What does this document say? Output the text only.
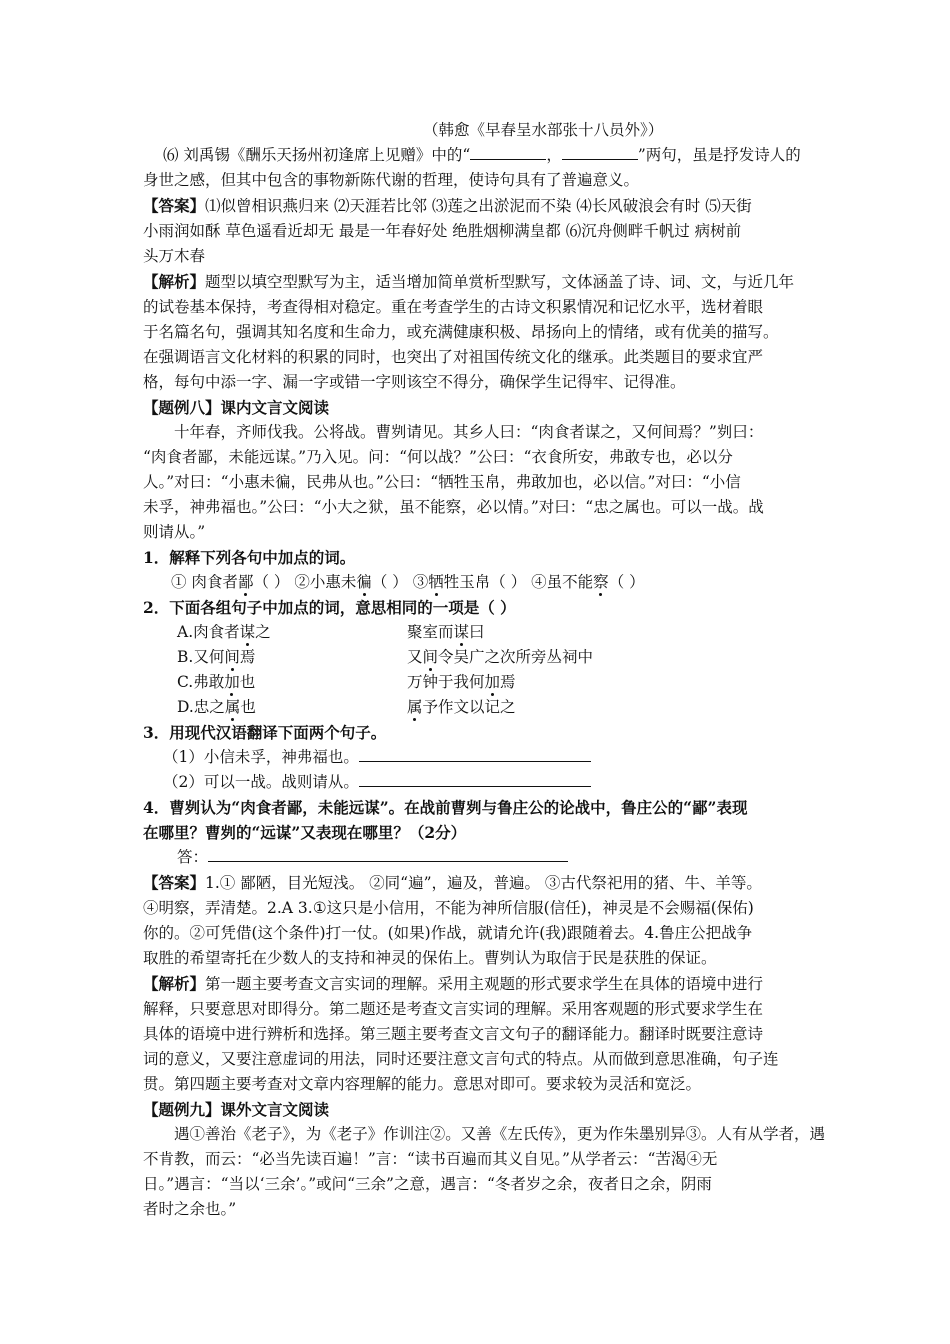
（韩愈《早春呈水部张十八员外》）
⑹ 刘禹锡《酬乐天扬州初逢席上见赠》中的“	，	”两句，虽是抒发诗人的
身世之感，但其中包含的事物新陈代谢的哲理，使诗句具有了普遍意义。
【答案】⑴似曾相识燕归来 ⑵天涯若比邻 ⑶莲之出淤泥而不染 ⑷长风破浪会有时 ⑸天街
小雨润如酥 草色遥看近却无 最是一年春好处 绝胜烟柳满皇都 ⑹沉舟侧畔千帆过 病树前
头万木春
【解析】题型以填空型默写为主，适当增加简单赏析型默写，文体涵盖了诗、词、文，与近几年
的试卷基本保持，考查得相对稳定。重在考查学生的古诗文积累情况和记忆水平，选材着眼
于名篇名句，强调其知名度和生命力，或充满健康积极、昂扬向上的情绪，或有优美的描写。
在强调语言文化材料的积累的同时，也突出了对祖国传统文化的继承。此类题目的要求宜严
格，每句中添一字、漏一字或错一字则该空不得分，确保学生记得牢、记得准。
【题例八】课内文言文阅读
十年春，齐师伐我。公将战。曹刿请见。其乡人曰：“肉食者谋之，又何间焉？”刿曰：
“肉食者鄙，未能远谋。”乃入见。问：“何以战？”公曰：“衣食所安，弗敢专也，必以分
人。”对曰：“小惠未徧，民弗从也。”公曰：“牺牲玉帛，弗敢加也，必以信。”对曰：“小信
未孚，神弗福也。”公曰：“小大之狱，虽不能察，必以情。”对曰：“忠之属也。可以一战。战
则请从。”
1．解释下列各句中加点的词。
① 肉食者鄙（ ） ②小惠未徧（ ） ③牺牲玉帛（ ） ④虽不能察（ ）
2．下面各组句子中加点的词，意思相同的一项是（ ）
A.肉食者谋之	聚室而谋曰
B.又何间焉	又间令吴广之次所旁丛祠中
C.弗敢加也	万钟于我何加焉
D.忠之属也	属予作文以记之
3．用现代汉语翻译下面两个句子。
（1）小信未孚，神弗福也。
（2）可以一战。战则请从。
4．曹刿认为“肉食者鄙，未能远谋”。在战前曹刿与鲁庄公的论战中，鲁庄公的“鄙”表现
在哪里？曹刿的“远谋”又表现在哪里？（2分）
答：
【答案】1.① 鄙陋，目光短浅。 ②同“遍”，遍及，普遍。 ③古代祭祀用的猪、牛、羊等。
④明察，弄清楚。2.A 3.①这只是小信用，不能为神所信服(信任)，神灵是不会赐福(保佑)
你的。②可凭借(这个条件)打一仗。(如果)作战，就请允许(我)跟随着去。4.鲁庄公把战争
取胜的希望寄托在少数人的支持和神灵的保佑上。曹刿认为取信于民是获胜的保证。
【解析】第一题主要考查文言实词的理解。采用主观题的形式要求学生在具体的语境中进行
解释，只要意思对即得分。第二题还是考查文言实词的理解。采用客观题的形式要求学生在
具体的语境中进行辨析和选择。第三题主要考查文言文句子的翻译能力。翻译时既要注意诗
词的意义，又要注意虚词的用法，同时还要注意文言句式的特点。从而做到意思准确，句子连
贯。第四题主要考查对文章内容理解的能力。意思对即可。要求较为灵活和宽泛。
【题例九】课外文言文阅读
遇①善治《老子》，为《老子》作训注②。又善《左氏传》，更为作朱墨别异③。人有从学者，遇
不肯教，而云：“必当先读百遍！”言：“读书百遍而其义自见。”从学者云：“苦渴④无
日。”遇言：“当以‘三余’。”或问“三余”之意，遇言：“冬者岁之余，夜者日之余，阴雨
者时之余也。”
